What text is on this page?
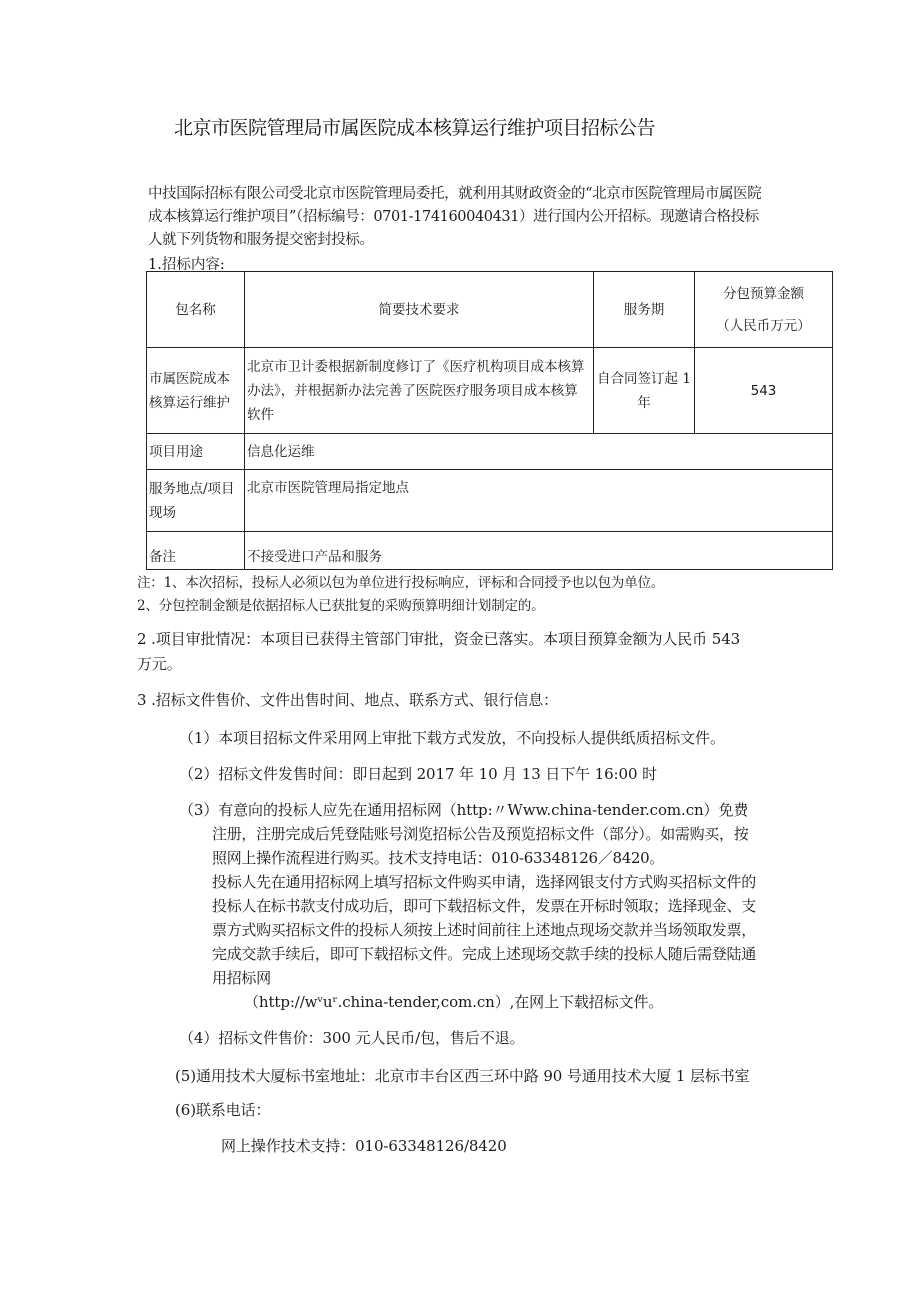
北京市医院管理局市属医院成本核算运行维护项目招标公告
中技国际招标有限公司受北京市医院管理局委托，就利用其财政资金的“北京市医院管理局市属医院
成本核算运行维护项目”（招标编号：0701-174160040431）进行国内公开招标。现邀请合格投标
人就下列货物和服务提交密封投标。
1.招标内容:
包名称	简要技术要求	服务期	分包预算金额
（人民币万元）

市属医院成本核算运行维护	北京市卫计委根据新制度修订了《医疗机构项目成本核算办法》，并根据新办法完善了医院医疗服务项目成本核算软件	自合同签订起 1 年	543
项目用途	信息化运维		
服务地点/项目现场	北京市医院管理局指定地点		
备注	不接受进口产品和服务		
注：1、本次招标，投标人必须以包为单位进行投标响应，评标和合同授予也以包为单位。
2、分包控制金额是依据招标人已获批复的采购预算明细计划制定的。
2 .项目审批情况：本项目已获得主管部门审批，资金已落实。本项目预算金额为人民币 543
万元。
3 .招标文件售价、文件出售时间、地点、联系方式、银行信息：
（1）本项目招标文件采用网上审批下载方式发放，不向投标人提供纸质招标文件。
（2）招标文件发售时间：即日起到 2017 年 10 月 13 日下午 16:00 时
（3）有意向的投标人应先在通用招标网（http:〃Www.china-tender.com.cn）免费
注册，注册完成后凭登陆账号浏览招标公告及预览招标文件（部分）。如需购买，按
照网上操作流程进行购买。技术支持电话：010-63348126／8420。
投标人先在通用招标网上填写招标文件购买申请，选择网银支付方式购买招标文件的
投标人在标书款支付成功后，即可下载招标文件，发票在开标时领取；选择现金、支
票方式购买招标文件的投标人须按上述时间前往上述地点现场交款并当场领取发票，
完成交款手续后，即可下载招标文件。完成上述现场交款手续的投标人随后需登陆通
用招标网
（http://wᵛuʳ.china-tender,com.cn）,在网上下载招标文件。
（4）招标文件售价：300 元人民币/包，售后不退。
(5)通用技术大厦标书室地址：北京市丰台区西三环中路 90 号通用技术大厦 1 层标书室
(6)联系电话：
网上操作技术支持：010-63348126/8420
